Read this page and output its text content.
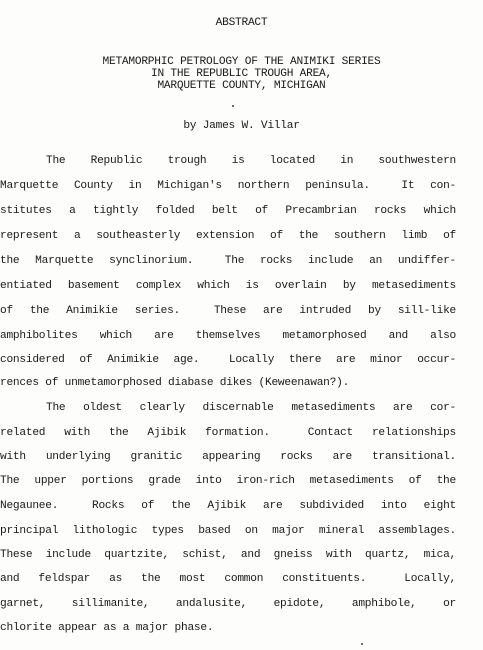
ABSTRACT
METAMORPHIC PETROLOGY OF THE ANIMIKI SERIES
IN THE REPUBLIC TROUGH AREA,
MARQUETTE COUNTY, MICHIGAN
by James W. Villar
The Republic trough is located in southwestern
Marquette County in Michigan's northern peninsula.  It con-
stitutes a tightly folded belt of Precambrian rocks which
represent a southeasterly extension of the southern limb of
the Marquette synclinorium.  The rocks include an undiffer-
entiated basement complex which is overlain by metasediments
of the Animikie series.  These are intruded by sill-like
amphibolites which are themselves metamorphosed and also
considered of Animikie age.  Locally there are minor occur-
rences of unmetamorphosed diabase dikes (Keweenawan?).
The oldest clearly discernable metasediments are cor-
related with the Ajibik formation.  Contact relationships
with underlying granitic appearing rocks are transitional.
The upper portions grade into iron-rich metasediments of the
Negaunee.  Rocks of the Ajibik are subdivided into eight
principal lithologic types based on major mineral assemblages.
These include quartzite, schist, and gneiss with quartz, mica,
and feldspar as the most common constituents.  Locally,
garnet, sillimanite, andalusite, epidote, amphibole, or
chlorite appear as a major phase.
